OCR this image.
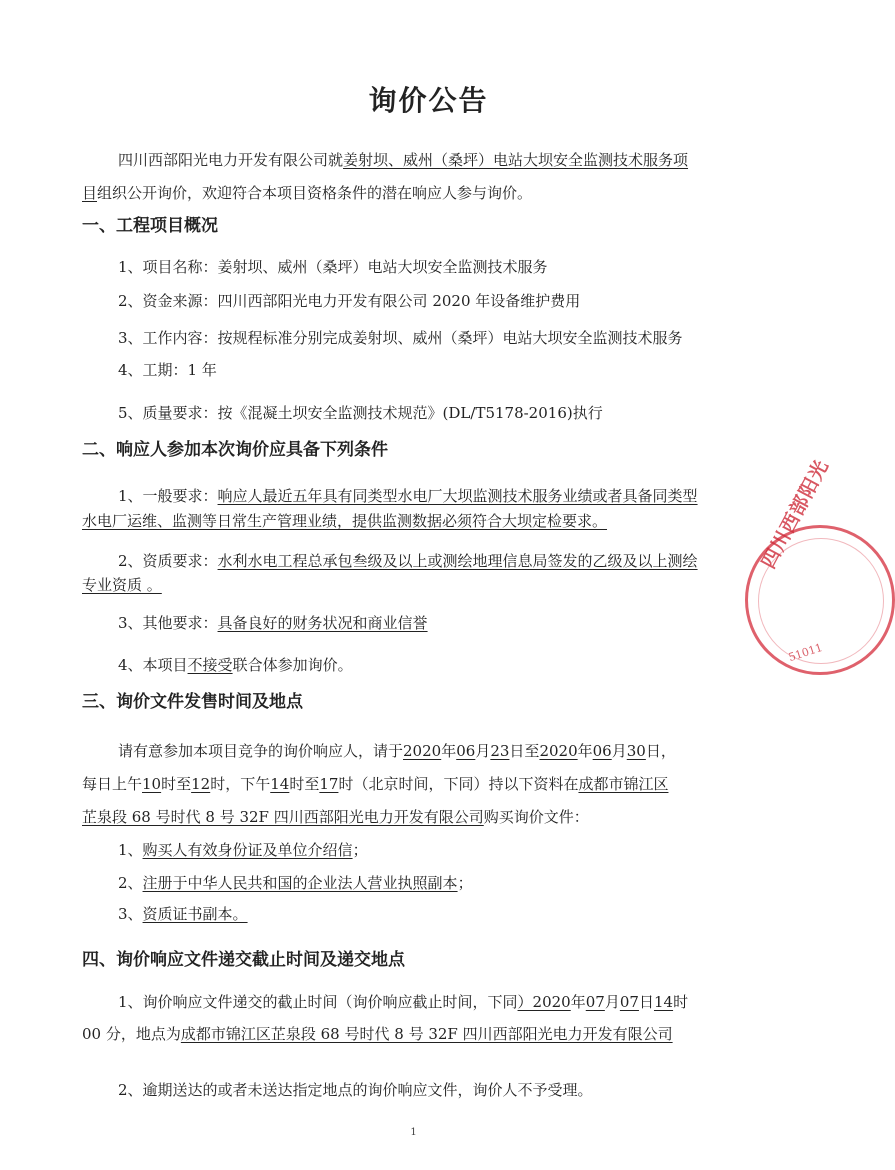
询价公告
四川西部阳光电力开发有限公司就姜射坝、威州（桑坪）电站大坝安全监测技术服务项
目组织公开询价，欢迎符合本项目资格条件的潜在响应人参与询价。
一、工程项目概况
1、项目名称：姜射坝、威州（桑坪）电站大坝安全监测技术服务
2、资金来源：四川西部阳光电力开发有限公司 2020 年设备维护费用
3、工作内容：按规程标准分别完成姜射坝、威州（桑坪）电站大坝安全监测技术服务
4、工期：1 年
5、质量要求：按《混凝土坝安全监测技术规范》(DL/T5178-2016)执行
二、响应人参加本次询价应具备下列条件
1、一般要求：响应人最近五年具有同类型水电厂大坝监测技术服务业绩或者具备同类型
水电厂运维、监测等日常生产管理业绩，提供监测数据必须符合大坝定检要求。
2、资质要求：水利水电工程总承包叁级及以上或测绘地理信息局签发的乙级及以上测绘
专业资质 。
3、其他要求：具备良好的财务状况和商业信誉
4、本项目不接受联合体参加询价。
三、询价文件发售时间及地点
请有意参加本项目竞争的询价响应人，请于2020年06月23日至2020年06月30日，
每日上午10时至12时，下午14时至17时（北京时间，下同）持以下资料在成都市锦江区
芷泉段 68 号时代 8 号 32F 四川西部阳光电力开发有限公司购买询价文件：
1、购买人有效身份证及单位介绍信；
2、注册于中华人民共和国的企业法人营业执照副本；
3、资质证书副本。
四、询价响应文件递交截止时间及递交地点
1、询价响应文件递交的截止时间（询价响应截止时间，下同）2020年07月07日14时
00 分，地点为成都市锦江区芷泉段 68 号时代 8 号 32F 四川西部阳光电力开发有限公司
2、逾期送达的或者未送达指定地点的询价响应文件，询价人不予受理。
四川西部阳光
51011
1
